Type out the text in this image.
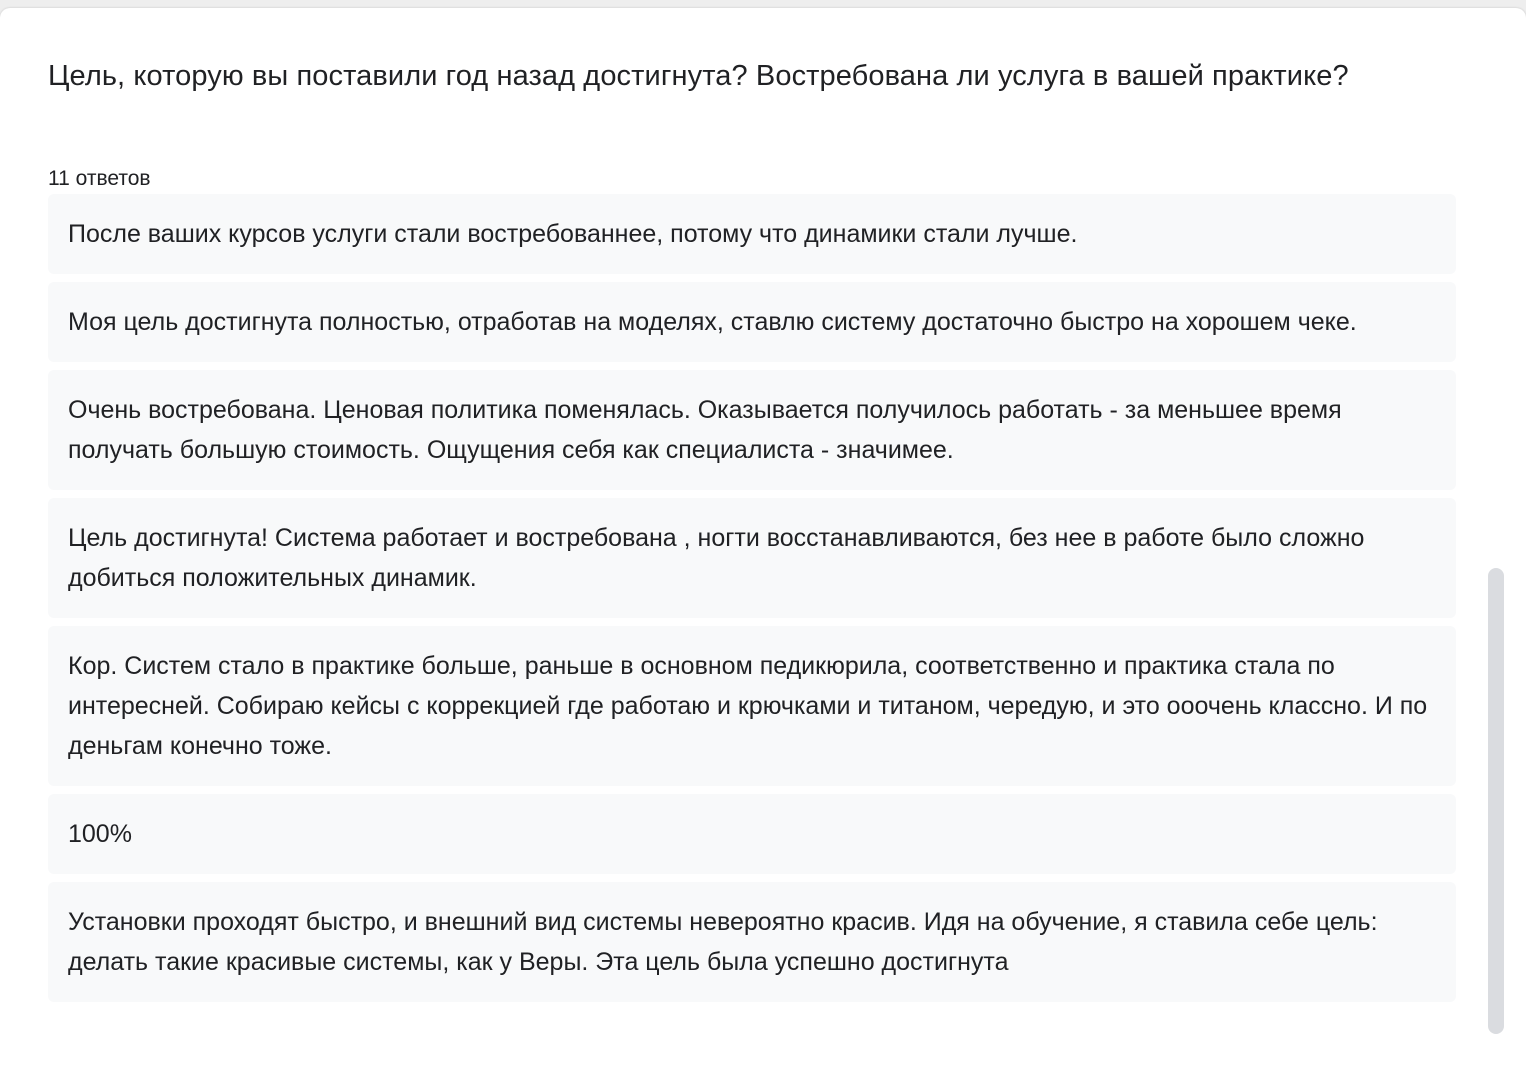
Цель, которую вы поставили год назад достигнута? Востребована ли услуга в вашей практике?
11 ответов
После ваших курсов услуги стали востребованнее, потому что динамики стали лучше.
Моя цель достигнута полностью, отработав на моделях, ставлю систему достаточно быстро на хорошем чеке.
Очень востребована. Ценовая политика поменялась. Оказывается получилось работать - за меньшее время получать большую стоимость. Ощущения себя как специалиста - значимее.
Цель достигнута! Система работает и востребована , ногти восстанавливаются, без нее в работе было сложно добиться положительных динамик.
Кор. Систем стало в практике больше, раньше в основном педикюрила, соответственно и практика стала по интересней. Собираю кейсы с коррекцией где работаю и крючками и титаном, чередую, и это ооочень классно. И по деньгам конечно тоже.
100%
Установки проходят быстро, и внешний вид системы невероятно красив. Идя на обучение, я ставила себе цель: делать такие красивые системы, как у Веры. Эта цель была успешно достигнута
